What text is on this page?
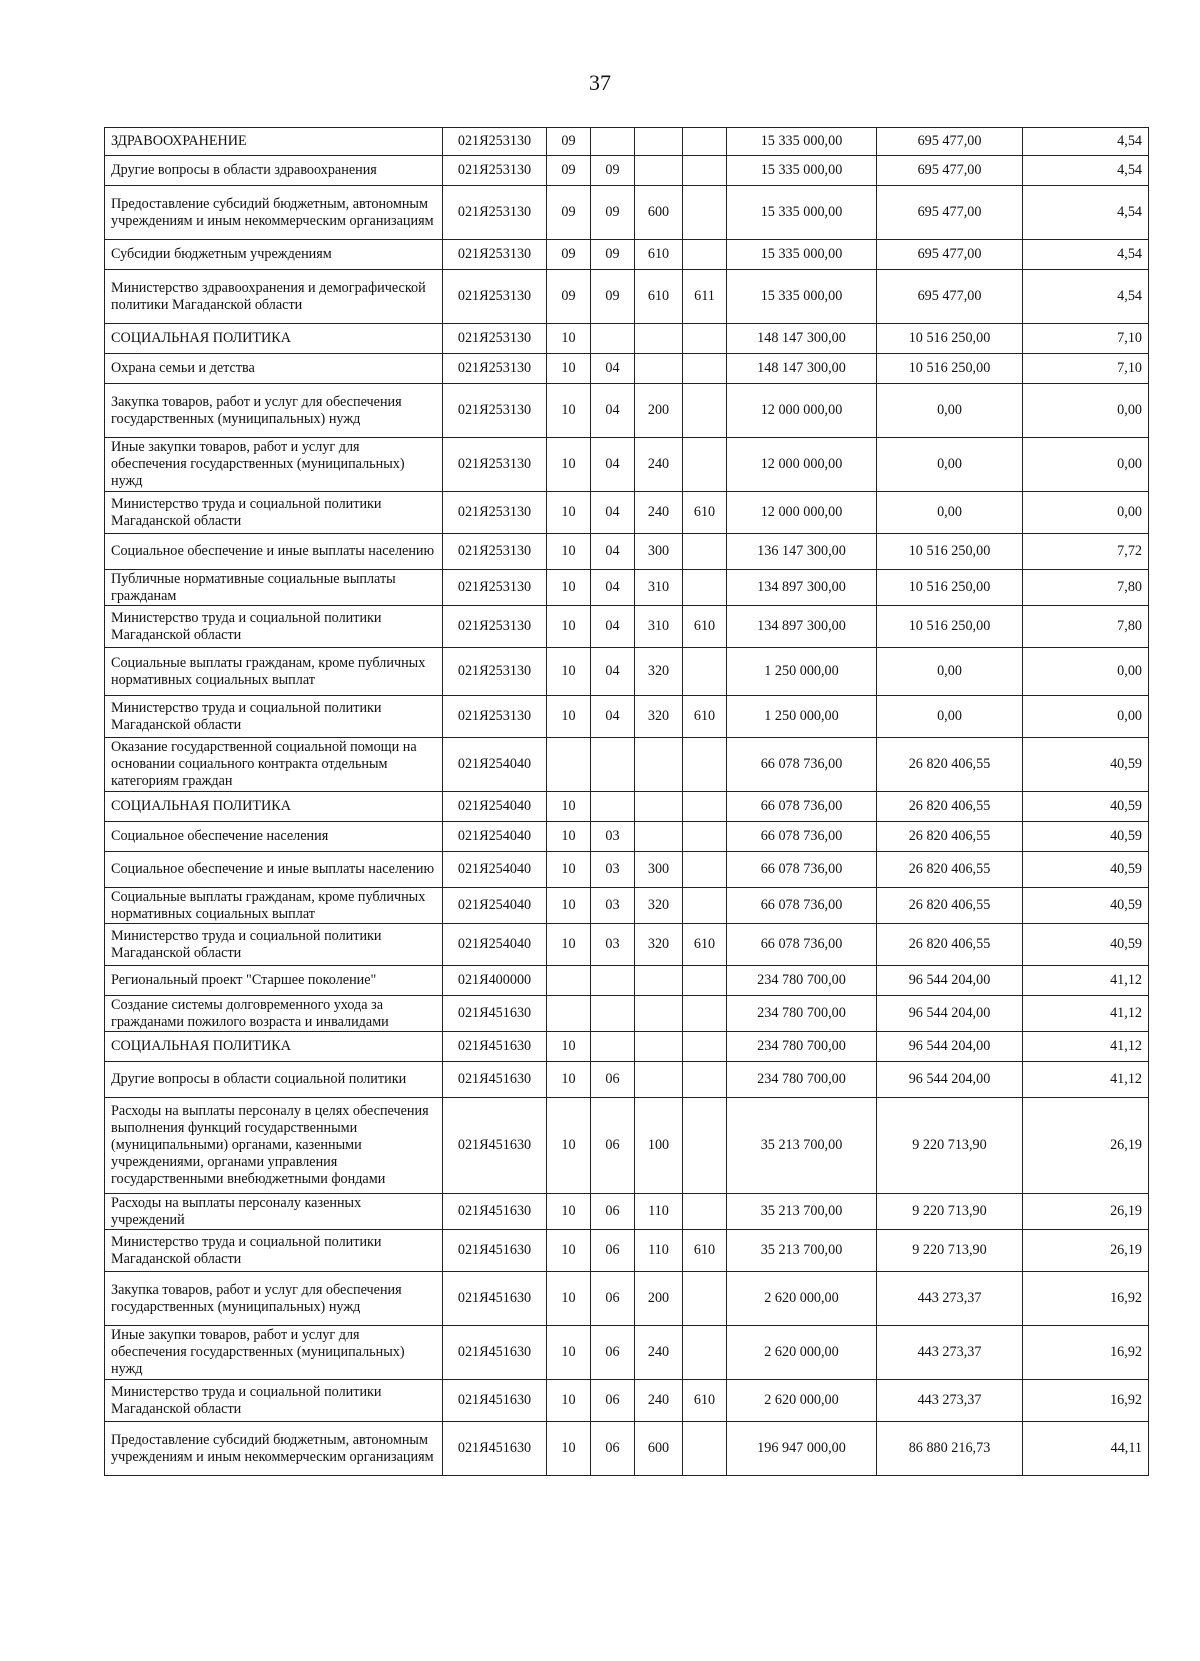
37
ЗДРАВООХРАНЕНИЕ	021Я253130	09				15 335 000,00	695 477,00	4,54
Другие вопросы в области здравоохранения	021Я253130	09	09			15 335 000,00	695 477,00	4,54
Предоставление субсидий бюджетным, автономным учреждениям и иным некоммерческим организациям	021Я253130	09	09	600		15 335 000,00	695 477,00	4,54
Субсидии бюджетным учреждениям	021Я253130	09	09	610		15 335 000,00	695 477,00	4,54
Министерство здравоохранения и демографической политики Магаданской области	021Я253130	09	09	610	611	15 335 000,00	695 477,00	4,54
СОЦИАЛЬНАЯ ПОЛИТИКА	021Я253130	10				148 147 300,00	10 516 250,00	7,10
Охрана семьи и детства	021Я253130	10	04			148 147 300,00	10 516 250,00	7,10
Закупка товаров, работ и услуг для обеспечения государственных (муниципальных) нужд	021Я253130	10	04	200		12 000 000,00	0,00	0,00
Иные закупки товаров, работ и услуг для обеспечения государственных (муниципальных) нужд	021Я253130	10	04	240		12 000 000,00	0,00	0,00
Министерство труда и социальной политики Магаданской области	021Я253130	10	04	240	610	12 000 000,00	0,00	0,00
Социальное обеспечение и иные выплаты населению	021Я253130	10	04	300		136 147 300,00	10 516 250,00	7,72
Публичные нормативные социальные выплаты гражданам	021Я253130	10	04	310		134 897 300,00	10 516 250,00	7,80
Министерство труда и социальной политики Магаданской области	021Я253130	10	04	310	610	134 897 300,00	10 516 250,00	7,80
Социальные выплаты гражданам, кроме публичных нормативных социальных выплат	021Я253130	10	04	320		1 250 000,00	0,00	0,00
Министерство труда и социальной политики Магаданской области	021Я253130	10	04	320	610	1 250 000,00	0,00	0,00
Оказание государственной социальной помощи на основании социального контракта отдельным категориям граждан	021Я254040					66 078 736,00	26 820 406,55	40,59
СОЦИАЛЬНАЯ ПОЛИТИКА	021Я254040	10				66 078 736,00	26 820 406,55	40,59
Социальное обеспечение населения	021Я254040	10	03			66 078 736,00	26 820 406,55	40,59
Социальное обеспечение и иные выплаты населению	021Я254040	10	03	300		66 078 736,00	26 820 406,55	40,59
Социальные выплаты гражданам, кроме публичных нормативных социальных выплат	021Я254040	10	03	320		66 078 736,00	26 820 406,55	40,59
Министерство труда и социальной политики Магаданской области	021Я254040	10	03	320	610	66 078 736,00	26 820 406,55	40,59
Региональный проект "Старшее поколение"	021Я400000					234 780 700,00	96 544 204,00	41,12
Создание системы долговременного ухода за гражданами пожилого возраста и инвалидами	021Я451630					234 780 700,00	96 544 204,00	41,12
СОЦИАЛЬНАЯ ПОЛИТИКА	021Я451630	10				234 780 700,00	96 544 204,00	41,12
Другие вопросы в области социальной политики	021Я451630	10	06			234 780 700,00	96 544 204,00	41,12
Расходы на выплаты персоналу в целях обеспечения выполнения функций государственными (муниципальными) органами, казенными учреждениями, органами управления государственными внебюджетными фондами	021Я451630	10	06	100		35 213 700,00	9 220 713,90	26,19
Расходы на выплаты персоналу казенных учреждений	021Я451630	10	06	110		35 213 700,00	9 220 713,90	26,19
Министерство труда и социальной политики Магаданской области	021Я451630	10	06	110	610	35 213 700,00	9 220 713,90	26,19
Закупка товаров, работ и услуг для обеспечения государственных (муниципальных) нужд	021Я451630	10	06	200		2 620 000,00	443 273,37	16,92
Иные закупки товаров, работ и услуг для обеспечения государственных (муниципальных) нужд	021Я451630	10	06	240		2 620 000,00	443 273,37	16,92
Министерство труда и социальной политики Магаданской области	021Я451630	10	06	240	610	2 620 000,00	443 273,37	16,92
Предоставление субсидий бюджетным, автономным учреждениям и иным некоммерческим организациям	021Я451630	10	06	600		196 947 000,00	86 880 216,73	44,11
